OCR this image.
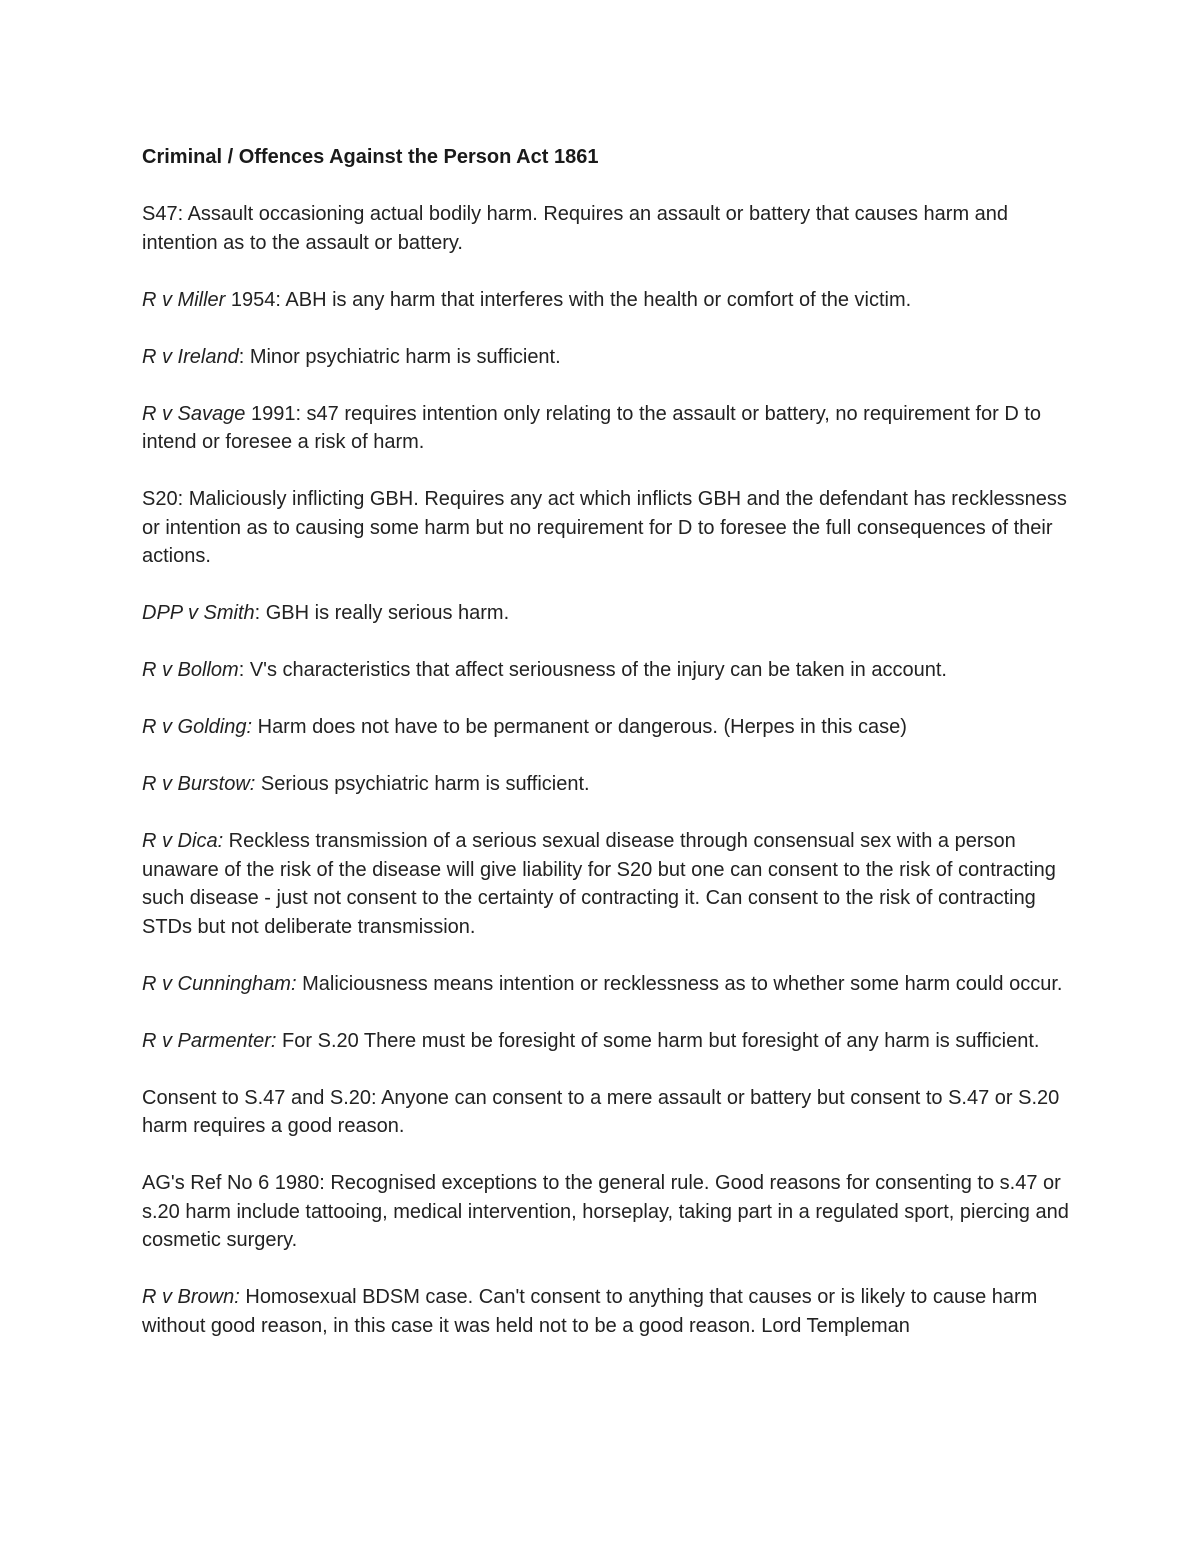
Criminal / Offences Against the Person Act 1861

S47: Assault occasioning actual bodily harm. Requires an assault or battery that causes harm and intention as to the assault or battery.

R v Miller 1954: ABH is any harm that interferes with the health or comfort of the victim.

R v Ireland: Minor psychiatric harm is sufficient.

R v Savage 1991: s47 requires intention only relating to the assault or battery, no requirement for D to intend or foresee a risk of harm.

S20: Maliciously inflicting GBH. Requires any act which inflicts GBH and the defendant has recklessness or intention as to causing some harm but no requirement for D to foresee the full consequences of their actions.

DPP v Smith: GBH is really serious harm.

R v Bollom: V's characteristics that affect seriousness of the injury can be taken in account.

R v Golding: Harm does not have to be permanent or dangerous. (Herpes in this case)

R v Burstow: Serious psychiatric harm is sufficient.

R v Dica: Reckless transmission of a serious sexual disease through consensual sex with a person unaware of the risk of the disease will give liability for S20 but one can consent to the risk of contracting such disease - just not consent to the certainty of contracting it. Can consent to the risk of contracting STDs but not deliberate transmission.

R v Cunningham: Maliciousness means intention or recklessness as to whether some harm could occur.

R v Parmenter: For S.20 There must be foresight of some harm but foresight of any harm is sufficient.

Consent to S.47 and S.20: Anyone can consent to a mere assault or battery but consent to S.47 or S.20 harm requires a good reason.

AG's Ref No 6 1980: Recognised exceptions to the general rule. Good reasons for consenting to s.47 or s.20 harm include tattooing, medical intervention, horseplay, taking part in a regulated sport, piercing and cosmetic surgery.

R v Brown: Homosexual BDSM case. Can't consent to anything that causes or is likely to cause harm without good reason, in this case it was held not to be a good reason. Lord Templeman
